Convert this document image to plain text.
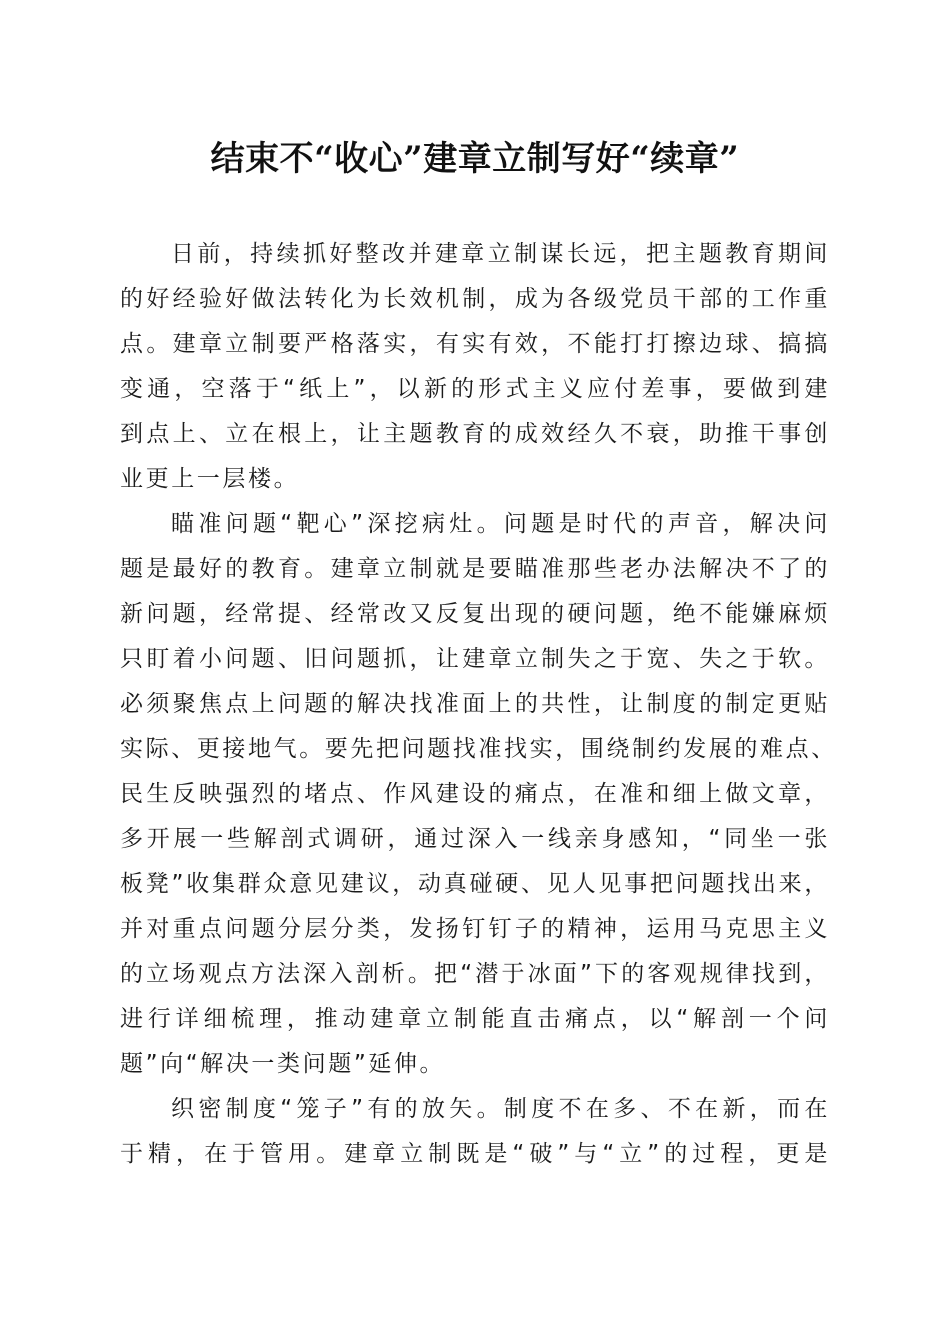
结束不“收心”建章立制写好“续章”
日前，持续抓好整改并建章立制谋长远，把主题教育期间
的好经验好做法转化为长效机制，成为各级党员干部的工作重
点。建章立制要严格落实，有实有效，不能打打擦边球、搞搞
变通，空落于“纸上”，以新的形式主义应付差事，要做到建
到点上、立在根上，让主题教育的成效经久不衰，助推干事创
业更上一层楼。
瞄准问题“靶心”深挖病灶。问题是时代的声音，解决问
题是最好的教育。建章立制就是要瞄准那些老办法解决不了的
新问题，经常提、经常改又反复出现的硬问题，绝不能嫌麻烦
只盯着小问题、旧问题抓，让建章立制失之于宽、失之于软。
必须聚焦点上问题的解决找准面上的共性，让制度的制定更贴
实际、更接地气。要先把问题找准找实，围绕制约发展的难点、
民生反映强烈的堵点、作风建设的痛点，在准和细上做文章，
多开展一些解剖式调研，通过深入一线亲身感知，“同坐一张
板凳”收集群众意见建议，动真碰硬、见人见事把问题找出来，
并对重点问题分层分类，发扬钉钉子的精神，运用马克思主义
的立场观点方法深入剖析。把“潜于冰面”下的客观规律找到，
进行详细梳理，推动建章立制能直击痛点，以“解剖一个问
题”向“解决一类问题”延伸。
织密制度“笼子”有的放矢。制度不在多、不在新，而在
于精，在于管用。建章立制既是“破”与“立”的过程，更是
